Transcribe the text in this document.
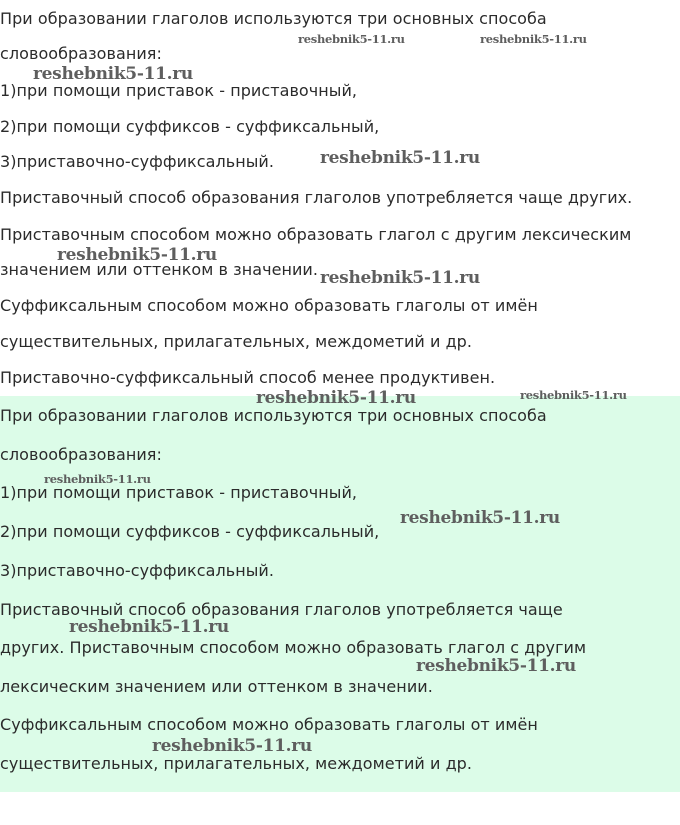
При образовании глаголов используются три основных способа

словообразования:

1)при помощи приставок - приставочный,

2)при помощи суффиксов - суффиксальный,

3)приставочно-суффиксальный.

Приставочный способ образования глаголов употребляется чаще других.

Приставочным способом можно образовать глагол с другим лексическим

значением или оттенком в значении.

Суффиксальным способом можно образовать глаголы от имён

существительных, прилагательных, междометий и др.

Приставочно-суффиксальный способ менее продуктивен.

При образовании глаголов используются три основных способа

словообразования:

1)при помощи приставок - приставочный,

2)при помощи суффиксов - суффиксальный,

3)приставочно-суффиксальный.

Приставочный способ образования глаголов употребляется чаще

других. Приставочным способом можно образовать глагол с другим

лексическим значением или оттенком в значении.

Суффиксальным способом можно образовать глаголы от имён

существительных, прилагательных, междометий и др.

reshebnik5-11.ru	reshebnik5-11.ru
reshebnik5-11.ru
reshebnik5-11.ru
reshebnik5-11.ru
reshebnik5-11.ru
reshebnik5-11.ru	reshebnik5-11.ru
reshebnik5-11.ru
reshebnik5-11.ru
reshebnik5-11.ru
reshebnik5-11.ru
reshebnik5-11.ru
